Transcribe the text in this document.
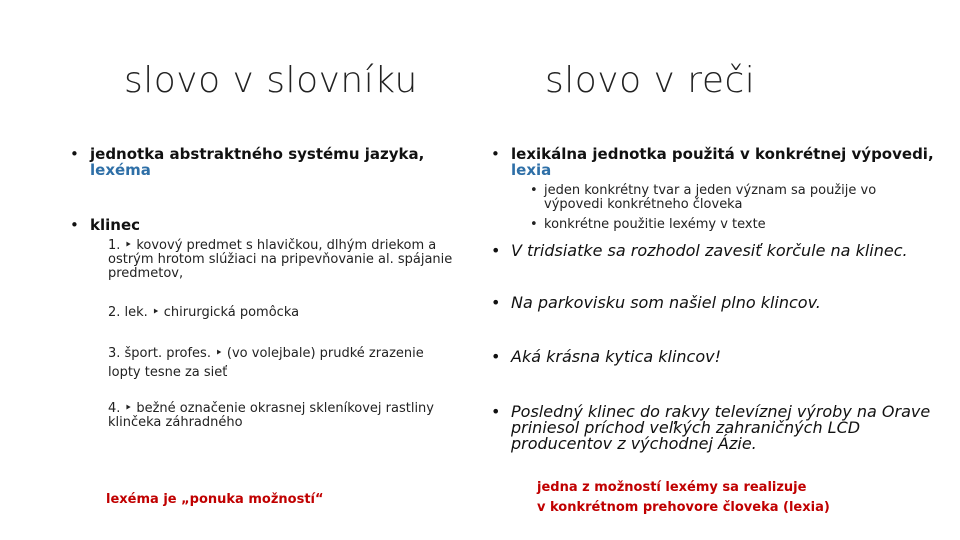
slovo v slovníku
• jednotka abstraktného systému jazyka,
lexéma
• klinec
1. ‣ kovový predmet s hlavičkou, dlhým driekom a ostrým hrotom slúžiaci na pripevňovanie al. spájanie predmetov,
2. lek. ‣ chirurgická pomôcka
3. šport. profes. ‣ (vo volejbale) prudké zrazenie lopty tesne za sieť
4. ‣ bežné označenie okrasnej skleníkovej rastliny klinčeka záhradného
lexéma je „ponuka možností“
slovo v reči
• lexikálna jednotka použitá v konkrétnej výpovedi,
lexia
• jeden konkrétny tvar a jeden význam sa použije vo výpovedi konkrétneho človeka
• konkrétne použitie lexémy v texte
• V tridsiatke sa rozhodol zavesiť korčule na klinec.
• Na parkovisku som našiel plno klincov.
• Aká krásna kytica klincov!
• Posledný klinec do rakvy televíznej výroby na Orave priniesol príchod veľkých zahraničných LCD producentov z východnej Ázie.
jedna z možností lexémy sa realizuje
v konkrétnom prehovore človeka (lexia)
